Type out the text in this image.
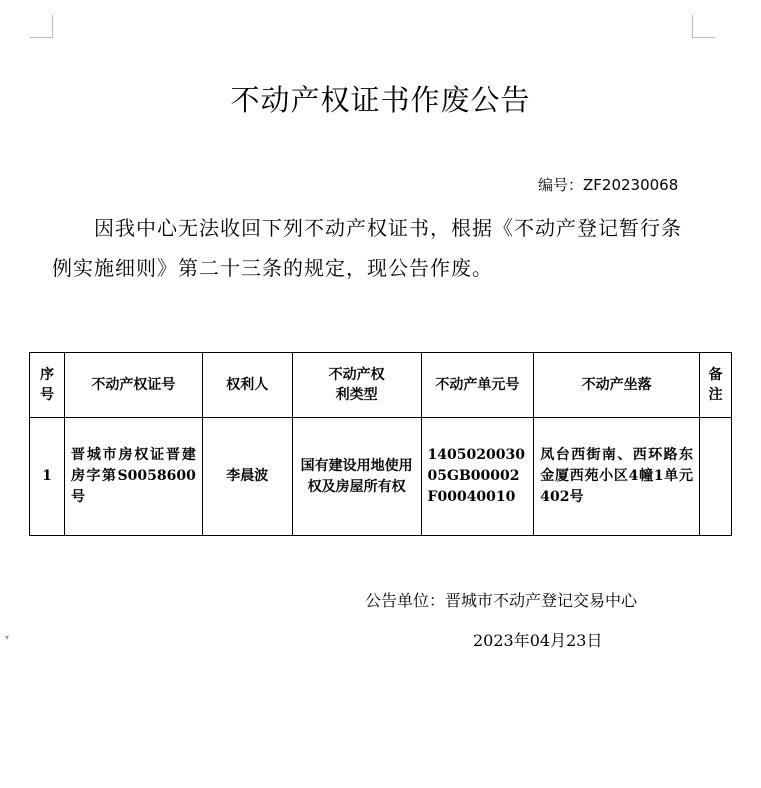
▾
不动产权证书作废公告
编号：ZF20230068
因我中心无法收回下列不动产权证书，根据《不动产登记暂行条例实施细则》第二十三条的规定，现公告作废。
序号	不动产权证号	权利人	不动产权利类型	不动产单元号	不动产坐落	备注
1	晋城市房权证晋建房字第S0058600号	李晨波	国有建设用地使用权及房屋所有权	140502003005GB00002F00040010	凤台西街南、西环路东金厦西苑小区4幢1单元402号	
公告单位：晋城市不动产登记交易中心
2023年04月23日
